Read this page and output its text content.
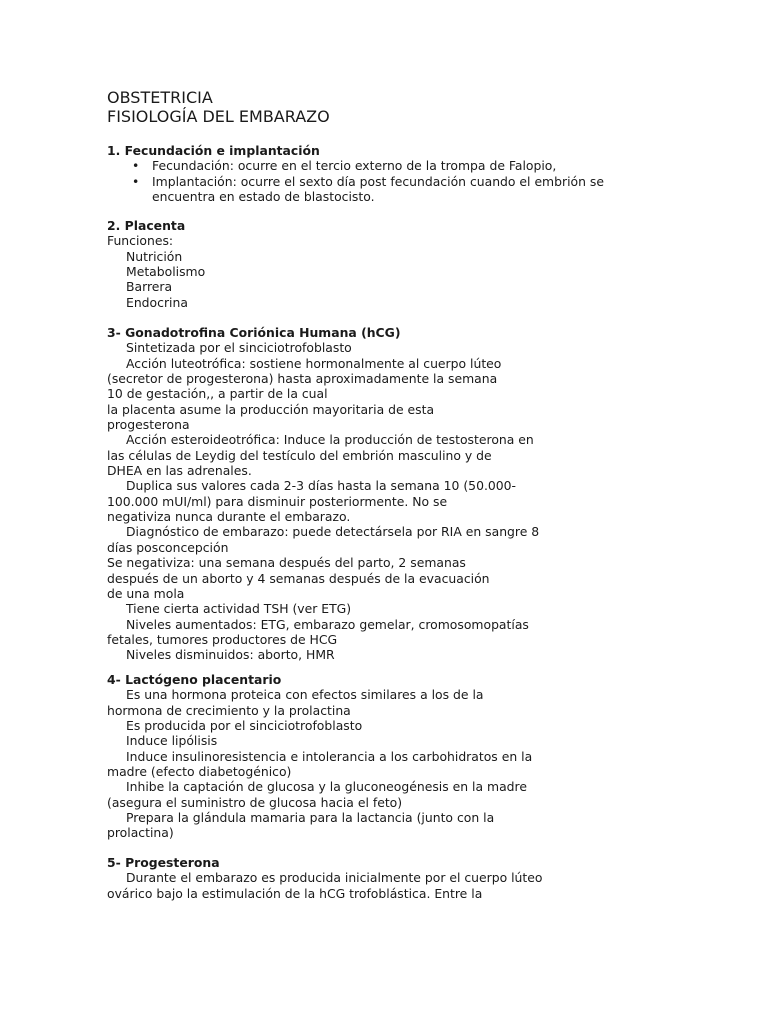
OBSTETRICIA
FISIOLOGÍA DEL EMBARAZO
1. Fecundación e implantación
• Fecundación: ocurre en el tercio externo de la trompa de Falopio,
• Implantación: ocurre el sexto día post fecundación cuando el embrión se
encuentra en estado de blastocisto.
2. Placenta
Funciones:
Nutrición
Metabolismo
Barrera
Endocrina
3- Gonadotrofina Coriónica Humana (hCG)
Sintetizada por el sinciciotrofoblasto
Acción luteotrófica: sostiene hormonalmente al cuerpo lúteo
(secretor de progesterona) hasta aproximadamente la semana
10 de gestación,, a partir de la cual
la placenta asume la producción mayoritaria de esta
progesterona
Acción esteroideotrófica: Induce la producción de testosterona en
las células de Leydig del testículo del embrión masculino y de
DHEA en las adrenales.
Duplica sus valores cada 2-3 días hasta la semana 10 (50.000-
100.000 mUI/ml) para disminuir posteriormente. No se
negativiza nunca durante el embarazo.
Diagnóstico de embarazo: puede detectársela por RIA en sangre 8
días posconcepción
Se negativiza: una semana después del parto, 2 semanas
después de un aborto y 4 semanas después de la evacuación
de una mola
Tiene cierta actividad TSH (ver ETG)
Niveles aumentados: ETG, embarazo gemelar, cromosomopatías
fetales, tumores productores de HCG
Niveles disminuidos: aborto, HMR
4- Lactógeno placentario
Es una hormona proteica con efectos similares a los de la
hormona de crecimiento y la prolactina
Es producida por el sinciciotrofoblasto
Induce lipólisis
Induce insulinoresistencia e intolerancia a los carbohidratos en la
madre (efecto diabetogénico)
Inhibe la captación de glucosa y la gluconeogénesis en la madre
(asegura el suministro de glucosa hacia el feto)
Prepara la glándula mamaria para la lactancia (junto con la
prolactina)
5- Progesterona
Durante el embarazo es producida inicialmente por el cuerpo lúteo
ovárico bajo la estimulación de la hCG trofoblástica. Entre la
